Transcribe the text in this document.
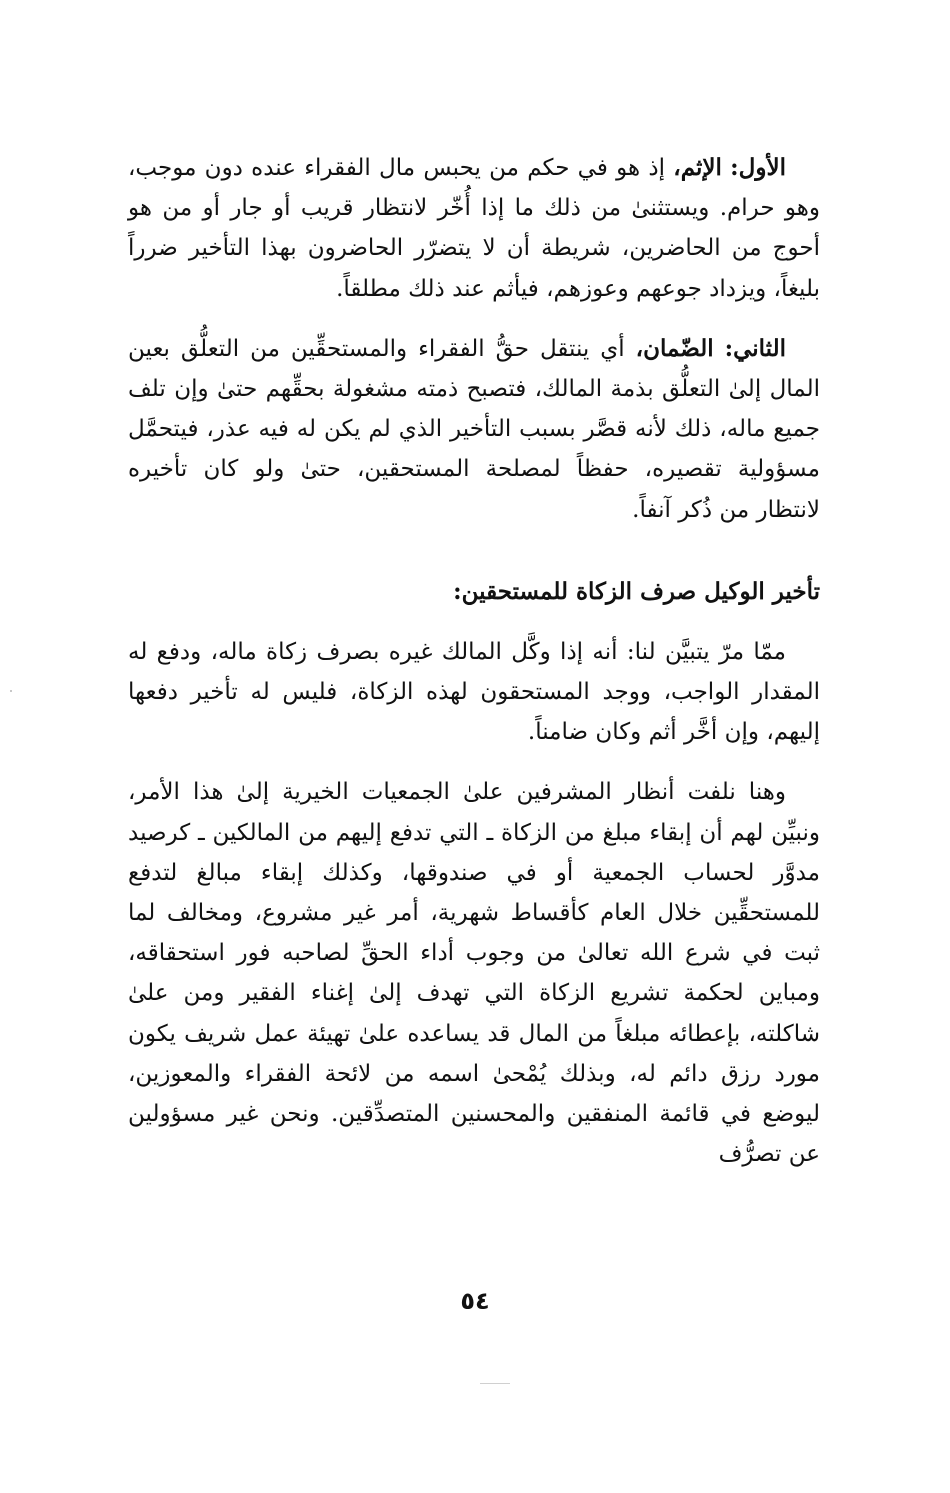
الأول: الإثم، إذ هو في حكم من يحبس مال الفقراء عنده دون موجب، وهو حرام. ويستثنىٰ من ذلك ما إذا أُخّر لانتظار قريب أو جار أو من هو أحوج من الحاضرين، شريطة أن لا يتضرّر الحاضرون بهذا التأخير ضرراً بليغاً، ويزداد جوعهم وعوزهم، فيأثم عند ذلك مطلقاً.

الثاني: الضّمان، أي ينتقل حقُّ الفقراء والمستحقِّين من التعلُّق بعين المال إلىٰ التعلُّق بذمة المالك، فتصبح ذمته مشغولة بحقِّهم حتىٰ وإن تلف جميع ماله، ذلك لأنه قصَّر بسبب التأخير الذي لم يكن له فيه عذر، فيتحمَّل مسؤولية تقصيره، حفظاً لمصلحة المستحقين، حتىٰ ولو كان تأخيره لانتظار من ذُكر آنفاً.

تأخير الوكيل صرف الزكاة للمستحقين:

ممّا مرّ يتبيَّن لنا: أنه إذا وكَّل المالك غيره بصرف زكاة ماله، ودفع له المقدار الواجب، ووجد المستحقون لهذه الزكاة، فليس له تأخير دفعها إليهم، وإن أخَّر أثم وكان ضامناً.

وهنا نلفت أنظار المشرفين علىٰ الجمعيات الخيرية إلىٰ هذا الأمر، ونبيِّن لهم أن إبقاء مبلغ من الزكاة ـ التي تدفع إليهم من المالكين ـ كرصيد مدوَّر لحساب الجمعية أو في صندوقها، وكذلك إبقاء مبالغ لتدفع للمستحقِّين خلال العام كأقساط شهرية، أمر غير مشروع، ومخالف لما ثبت في شرع الله تعالىٰ من وجوب أداء الحقِّ لصاحبه فور استحقاقه، ومباين لحكمة تشريع الزكاة التي تهدف إلىٰ إغناء الفقير ومن علىٰ شاكلته، بإعطائه مبلغاً من المال قد يساعده علىٰ تهيئة عمل شريف يكون مورد رزق دائم له، وبذلك يُمْحىٰ اسمه من لائحة الفقراء والمعوزين، ليوضع في قائمة المنفقين والمحسنين المتصدِّقين. ونحن غير مسؤولين عن تصرُّف

٥٤
